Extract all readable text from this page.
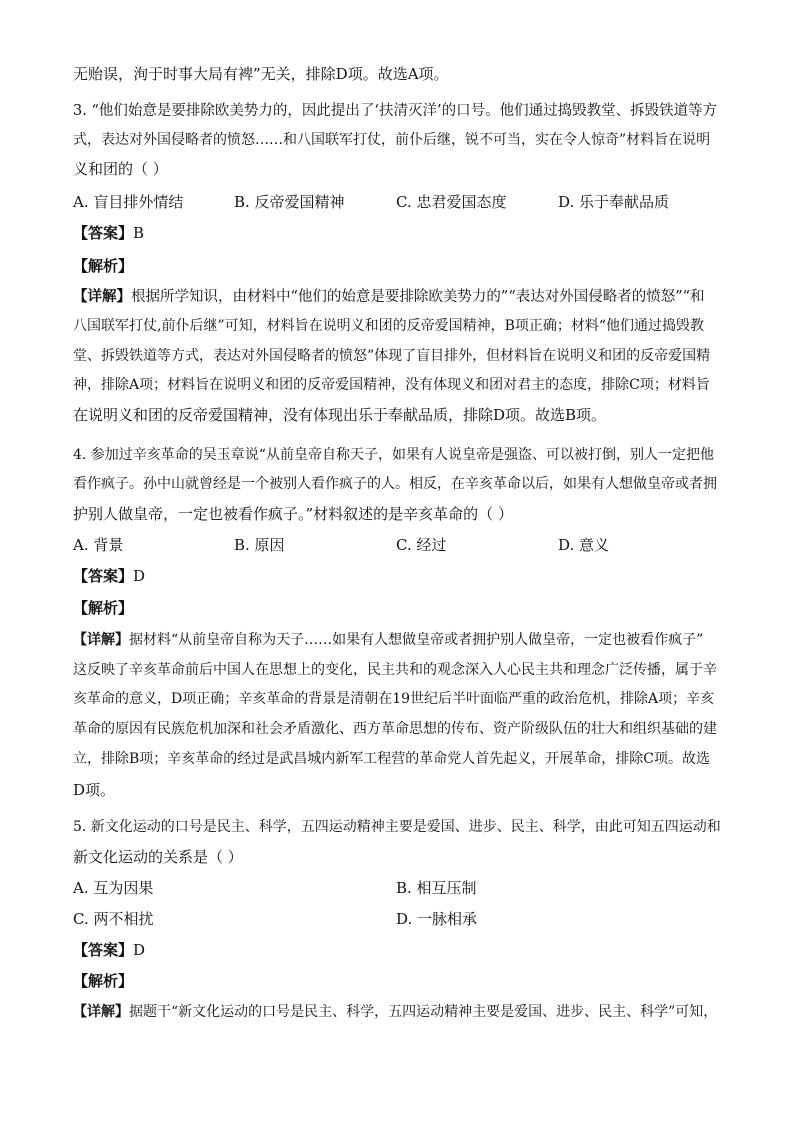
无贻误，洵于时事大局有裨”无关，排除D项。故选A项。
3. “他们始意是要排除欧美势力的，因此提出了‘扶清灭洋’的口号。他们通过捣毁教堂、拆毁铁道等方
式，表达对外国侵略者的愤怒……和八国联军打仗，前仆后继，锐不可当，实在令人惊奇”材料旨在说明
义和团的（ ）
A. 盲目排外情结	B. 反帝爱国精神	C. 忠君爱国态度	D. 乐于奉献品质
【答案】B
【解析】
【详解】根据所学知识，由材料中“他们的始意是要排除欧美势力的”“表达对外国侵略者的愤怒”“和
八国联军打仗,前仆后继”可知，材料旨在说明义和团的反帝爱国精神，B项正确；材料“他们通过捣毁教
堂、拆毁铁道等方式，表达对外国侵略者的愤怒”体现了盲目排外，但材料旨在说明义和团的反帝爱国精
神，排除A项；材料旨在说明义和团的反帝爱国精神，没有体现义和团对君主的态度，排除C项；材料旨
在说明义和团的反帝爱国精神，没有体现出乐于奉献品质，排除D项。故选B项。
4. 参加过辛亥革命的吴玉章说“从前皇帝自称天子，如果有人说皇帝是强盗、可以被打倒，别人一定把他
看作疯子。孙中山就曾经是一个被别人看作疯子的人。相反，在辛亥革命以后，如果有人想做皇帝或者拥
护别人做皇帝，一定也被看作疯子。”材料叙述的是辛亥革命的（ ）
A. 背景	B. 原因	C. 经过	D. 意义
【答案】D
【解析】
【详解】据材料“从前皇帝自称为天子……如果有人想做皇帝或者拥护别人做皇帝，一定也被看作疯子”
这反映了辛亥革命前后中国人在思想上的变化，民主共和的观念深入人心民主共和理念广泛传播，属于辛
亥革命的意义，D项正确；辛亥革命的背景是清朝在19世纪后半叶面临严重的政治危机，排除A项；辛亥
革命的原因有民族危机加深和社会矛盾激化、西方革命思想的传布、资产阶级队伍的壮大和组织基础的建
立，排除B项；辛亥革命的经过是武昌城内新军工程营的革命党人首先起义，开展革命，排除C项。故选
D项。
5. 新文化运动的口号是民主、科学，五四运动精神主要是爱国、进步、民主、科学，由此可知五四运动和
新文化运动的关系是（ ）
A. 互为因果	B. 相互压制
C. 两不相扰	D. 一脉相承
【答案】D
【解析】
【详解】据题干“新文化运动的口号是民主、科学，五四运动精神主要是爱国、进步、民主、科学”可知，
